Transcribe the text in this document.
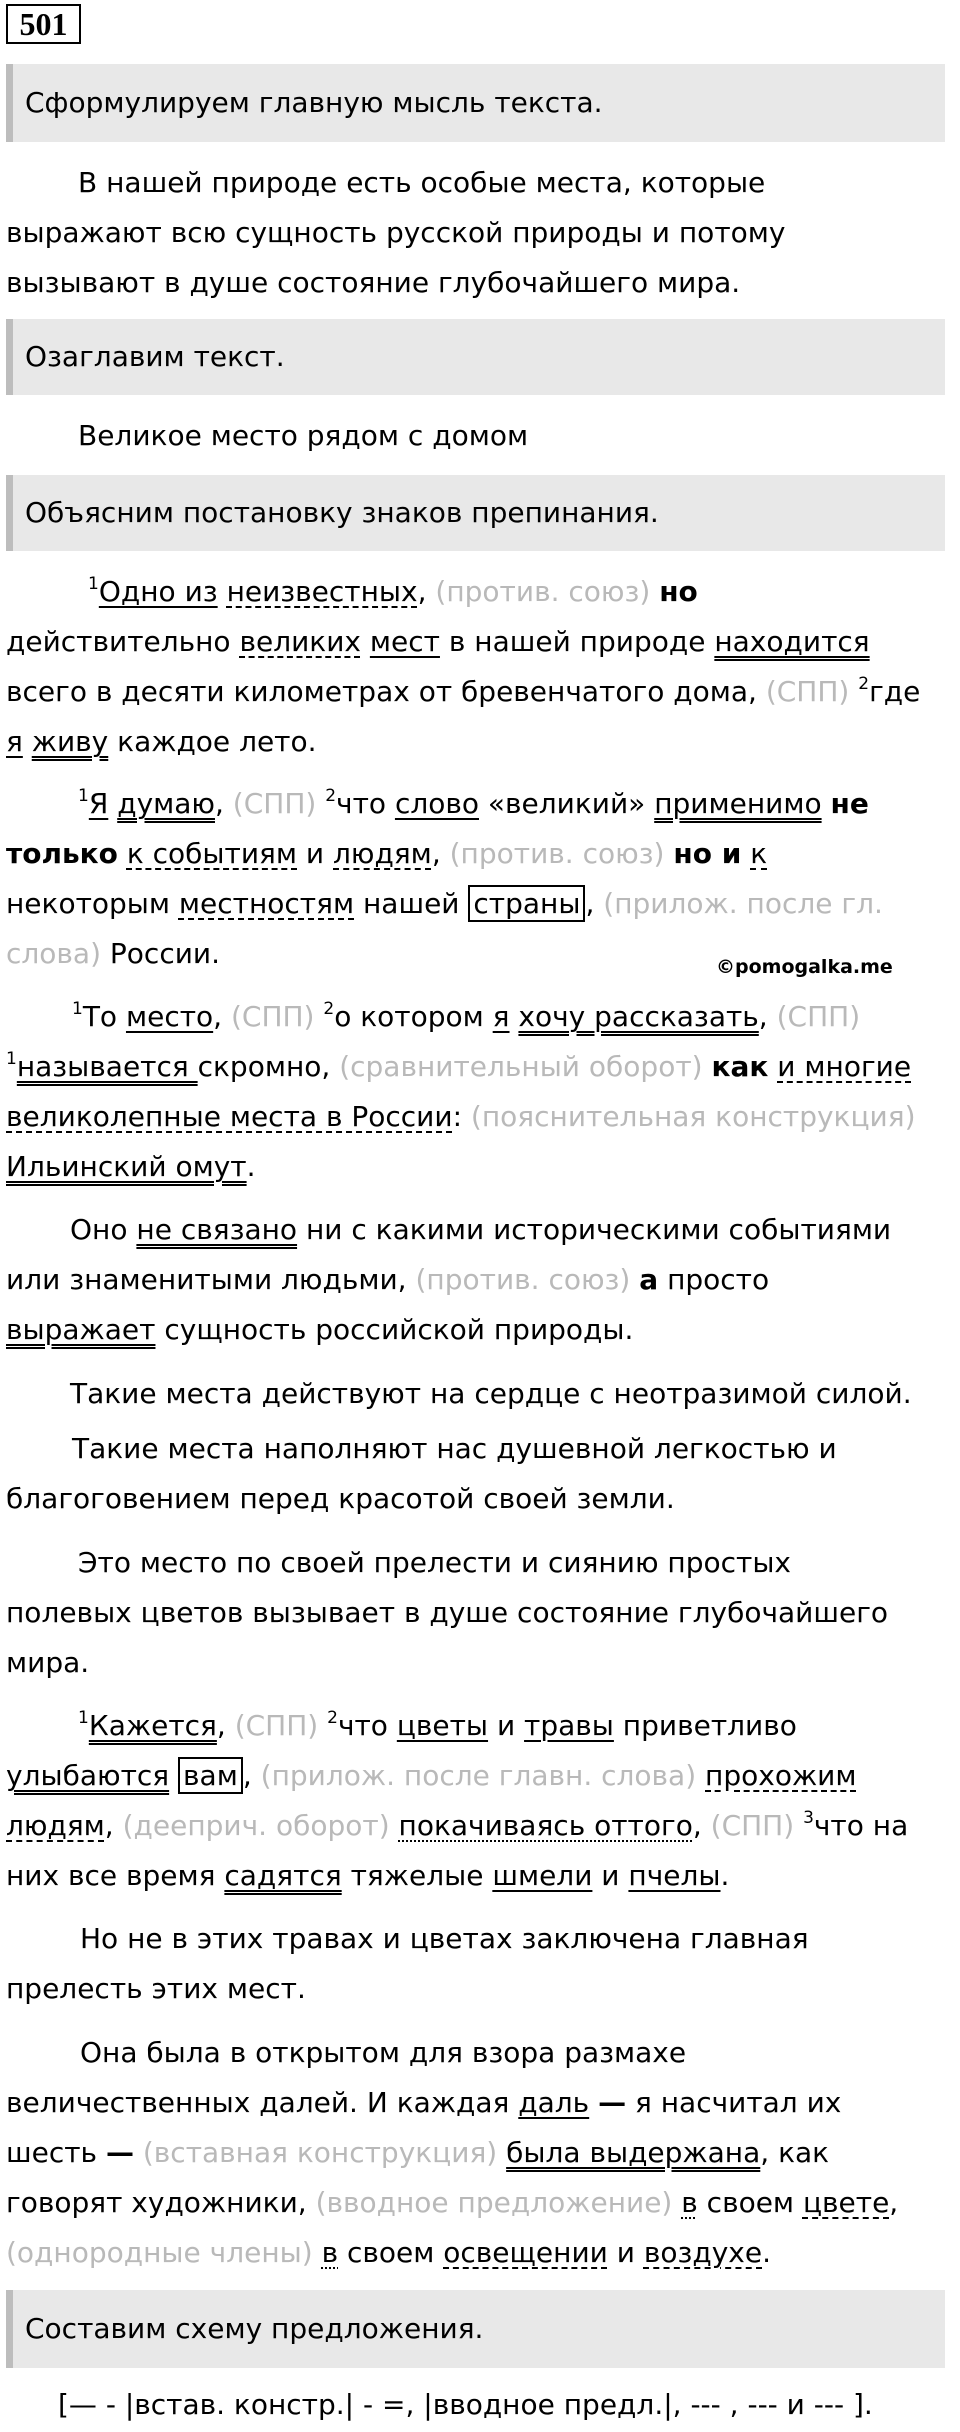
501
Сформулируем главную мысль текста.
В нашей природе есть особые места, которые
выражают всю сущность русской природы и потому
вызывают в душе состояние глубочайшего мира.
Озаглавим текст.
Великое место рядом с домом
Объясним постановку знаков препинания.
$^1$Одно из неизвестных, (против. союз) но
действительно великих мест в нашей природе находится
всего в десяти километрах от бревенчатого дома, (СПП) $^2$где
я живу каждое лето.
$^1$Я думаю, (СПП) $^2$что слово «великий» применимо не
только к событиям и людям, (против. союз) но и к
некоторым местностям нашей страны , (прилож. после гл.
слова) России.	©pomogalka.me
$^1$То место, (СПП) $^2$о котором я хочу рассказать, (СПП)
$^1$называется скромно, (сравнительный оборот) как и многие
великолепные места в России: (пояснительная конструкция)
Ильинский омут.
Оно не связано ни с какими историческими событиями
или знаменитыми людьми, (против. союз) а просто
выражает сущность российской природы.
Такие места действуют на сердце с неотразимой силой.
Такие места наполняют нас душевной легкостью и
благоговением перед красотой своей земли.
Это место по своей прелести и сиянию простых
полевых цветов вызывает в душе состояние глубочайшего
мира.
$^1$Кажется, (СПП) $^2$что цветы и травы приветливо
улыбаются вам , (прилож. после главн. слова) прохожим
людям, (дееприч. оборот) покачиваясь оттого, (СПП) $^3$что на
них все время садятся тяжелые шмели и пчелы.
Но не в этих травах и цветах заключена главная
прелесть этих мест.
Она была в открытом для взора размахе
величественных далей. И каждая даль — я насчитал их
шесть — (вставная конструкция) была выдержана, как
говорят художники, (вводное предложение) в своем цвете,
(однородные члены) в своем освещении и воздухе.
Составим схему предложения.
[— - |встав. констр.| - =, |вводное предл.|, --- , --- и --- ].
